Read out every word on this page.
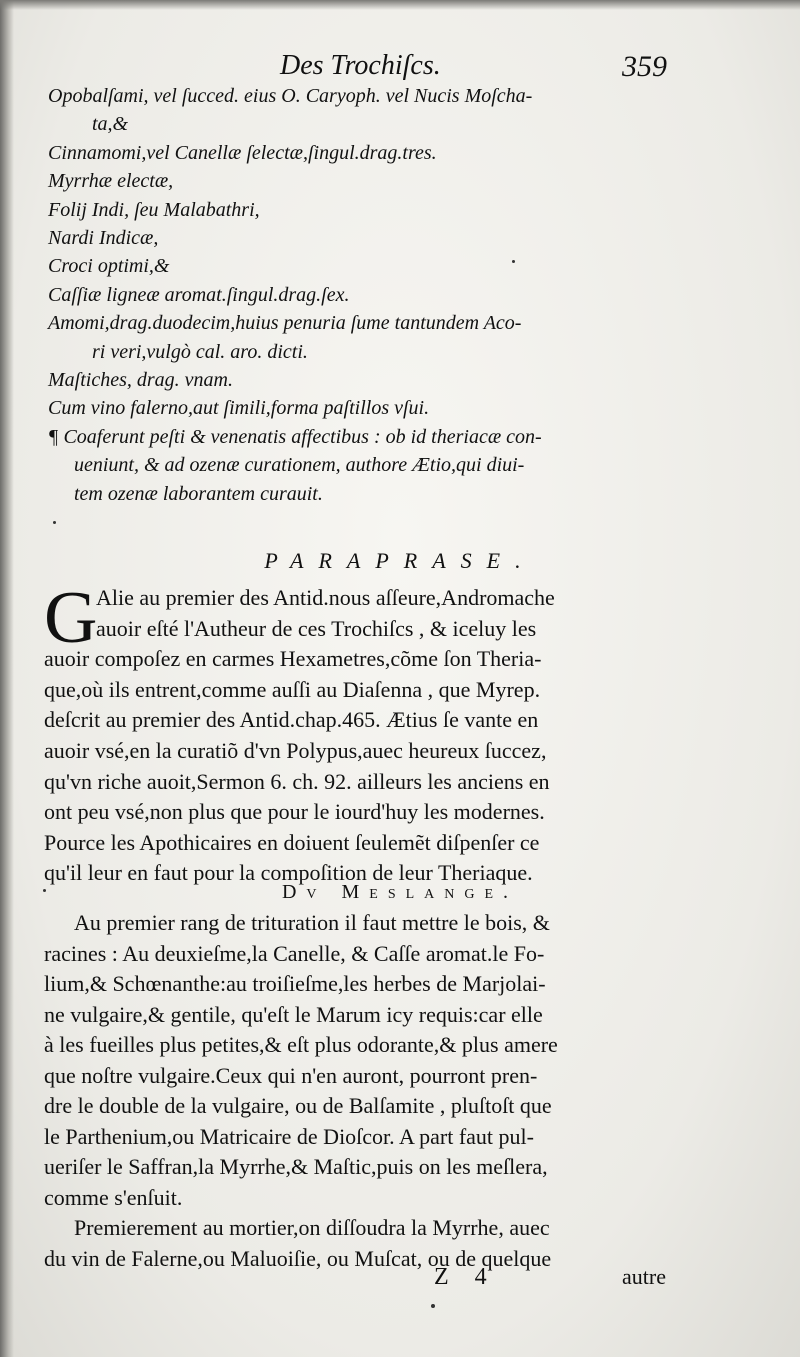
Des Trochiſcs.	359
Opobalſami, vel ſucced. eius O. Caryoph. vel Nucis Moſcha-
ta,&
Cinnamomi,vel Canellæ ſelectæ,ſingul.drag.tres.
Myrrhæ electæ,
Folij Indi, ſeu Malabathri,
Nardi Indicæ,
Croci optimi,&
Caſſiæ ligneæ aromat.ſingul.drag.ſex.
Amomi,drag.duodecim,huius penuria ſume tantundem Aco-
ri veri,vulgò cal. aro. dicti.
Maſtiches, drag. vnam.
Cum vino falerno,aut ſimili,forma paſtillos vſui.
¶ Coaferunt peſti & venenatis affectibus : ob id theriacæ con-
ueniunt, & ad ozenæ curationem, authore Ætio,qui diui-
tem ozenæ laborantem curauit.
PARAPRASE.
G
Alie au premier des Antid.nous aſſeure,Andromache
auoir eſté l'Autheur de ces Trochiſcs , & iceluy les
auoir compoſez en carmes Hexametres,cõme ſon Theria-
que,où ils entrent,comme auſſi au Diaſenna , que Myrep.
deſcrit au premier des Antid.chap.465. Ætius ſe vante en
auoir vsé,en la curatiõ d'vn Polypus,auec heureux ſuccez,
qu'vn riche auoit,Sermon 6. ch. 92. ailleurs les anciens en
ont peu vsé,non plus que pour le iourd'huy les modernes.
Pource les Apothicaires en doiuent ſeulemẽt diſpenſer ce
qu'il leur en faut pour la compoſition de leur Theriaque.
Dv Meslange.
Au premier rang de trituration il faut mettre le bois, &
racines : Au deuxieſme,la Canelle, & Caſſe aromat.le Fo-
lium,& Schœnanthe:au troiſieſme,les herbes de Marjolai-
ne vulgaire,& gentile, qu'eſt le Marum icy requis:car elle
à les fueilles plus petites,& eſt plus odorante,& plus amere
que noſtre vulgaire.Ceux qui n'en auront, pourront pren-
dre le double de la vulgaire, ou de Balſamite , pluſtoſt que
le Parthenium,ou Matricaire de Dioſcor. A part faut pul-
ueriſer le Saffran,la Myrrhe,& Maſtic,puis on les meſlera,
comme s'enſuit.
Premierement au mortier,on diſſoudra la Myrrhe, auec
du vin de Falerne,ou Maluoiſie, ou Muſcat, ou de quelque
Z 4	autre
